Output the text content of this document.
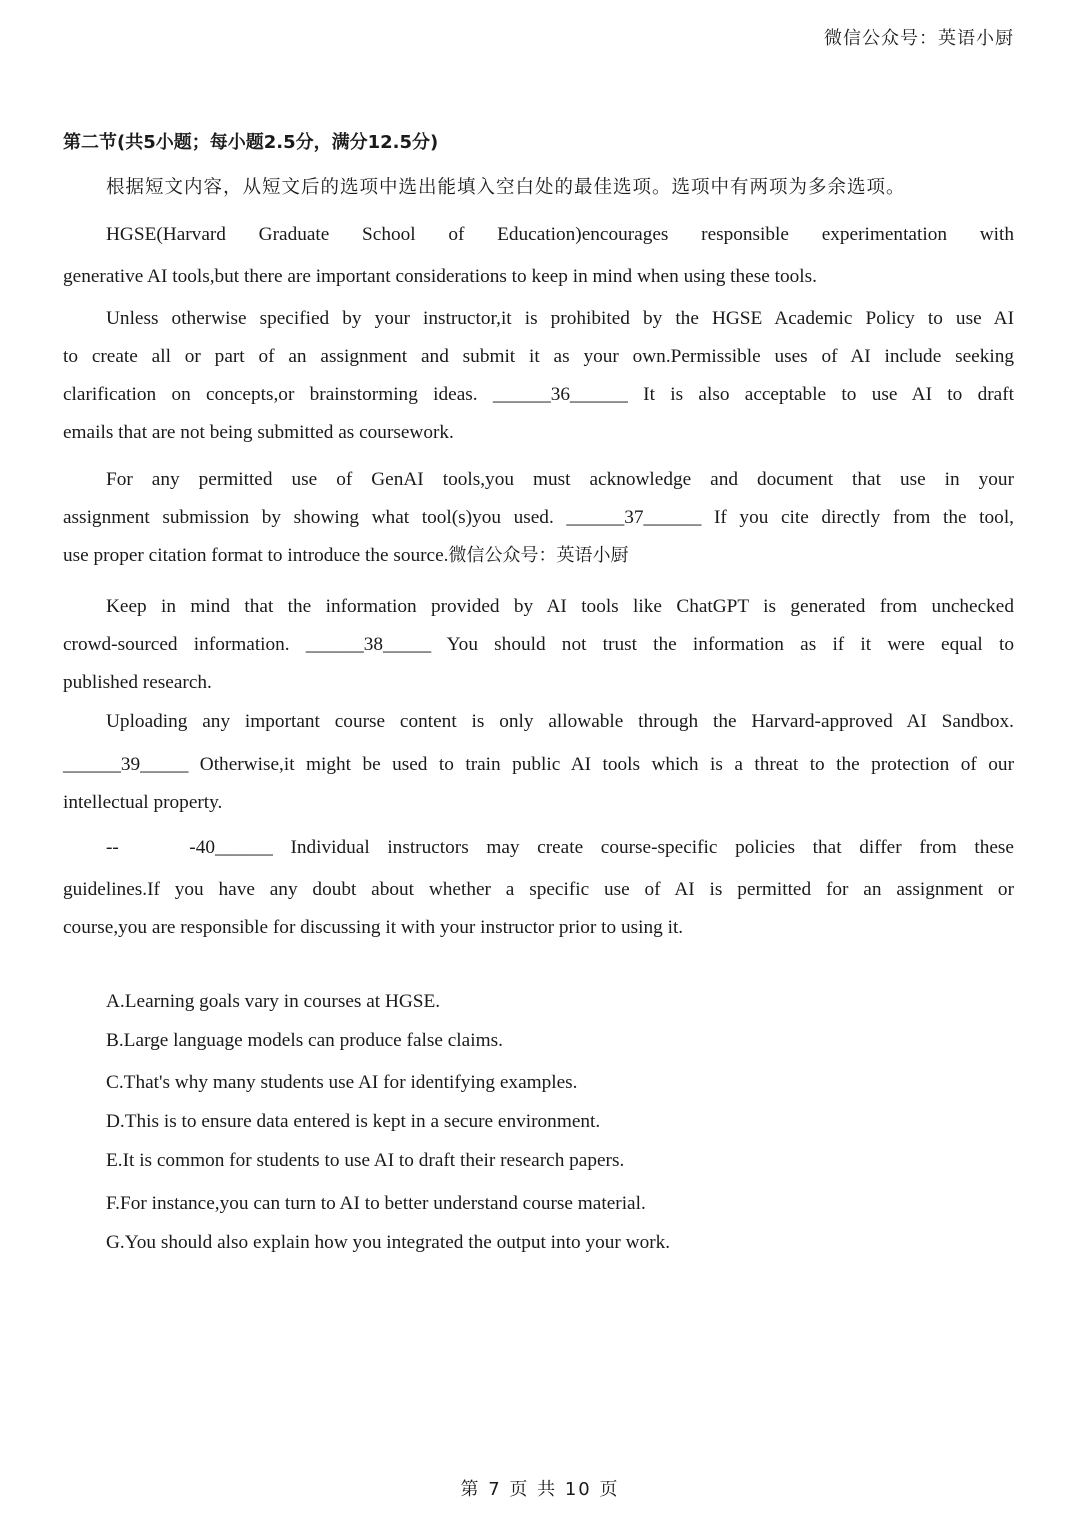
微信公众号：英语小厨
第二节(共5小题；每小题2.5分，满分12.5分)
根据短文内容，从短文后的选项中选出能填入空白处的最佳选项。选项中有两项为多余选项。
HGSE(Harvard Graduate School of Education)encourages responsible experimentation with
generative AI tools,but there are important considerations to keep in mind when using these tools.
Unless otherwise specified by your instructor,it is prohibited by the HGSE Academic Policy to use AI
to create all or part of an assignment and submit it as your own.Permissible uses of AI include seeking
clarification on concepts,or brainstorming ideas. ______36______ It is also acceptable to use AI to draft
emails that are not being submitted as coursework.
For any permitted use of GenAI tools,you must acknowledge and document that use in your
assignment submission by showing what tool(s)you used. ______37______ If you cite directly from the tool,
use proper citation format to introduce the source.微信公众号：英语小厨
Keep in mind that the information provided by AI tools like ChatGPT is generated from unchecked
crowd-sourced information. ______38_____ You should not trust the information as if it were equal to
published research.
Uploading any important course content is only allowable through the Harvard-approved AI Sandbox.
______39_____ Otherwise,it might be used to train public AI tools which is a threat to the protection of our
intellectual property.
--    -40______ Individual instructors may create course-specific policies that differ from these
guidelines.If you have any doubt about whether a specific use of AI is permitted for an assignment or
course,you are responsible for discussing it with your instructor prior to using it.
A.Learning goals vary in courses at HGSE.
B.Large language models can produce false claims.
C.That's why many students use AI for identifying examples.
D.This is to ensure data entered is kept in a secure environment.
E.It is common for students to use AI to draft their research papers.
F.For instance,you can turn to AI to better understand course material.
G.You should also explain how you integrated the output into your work.
第 7 页 共 10 页
